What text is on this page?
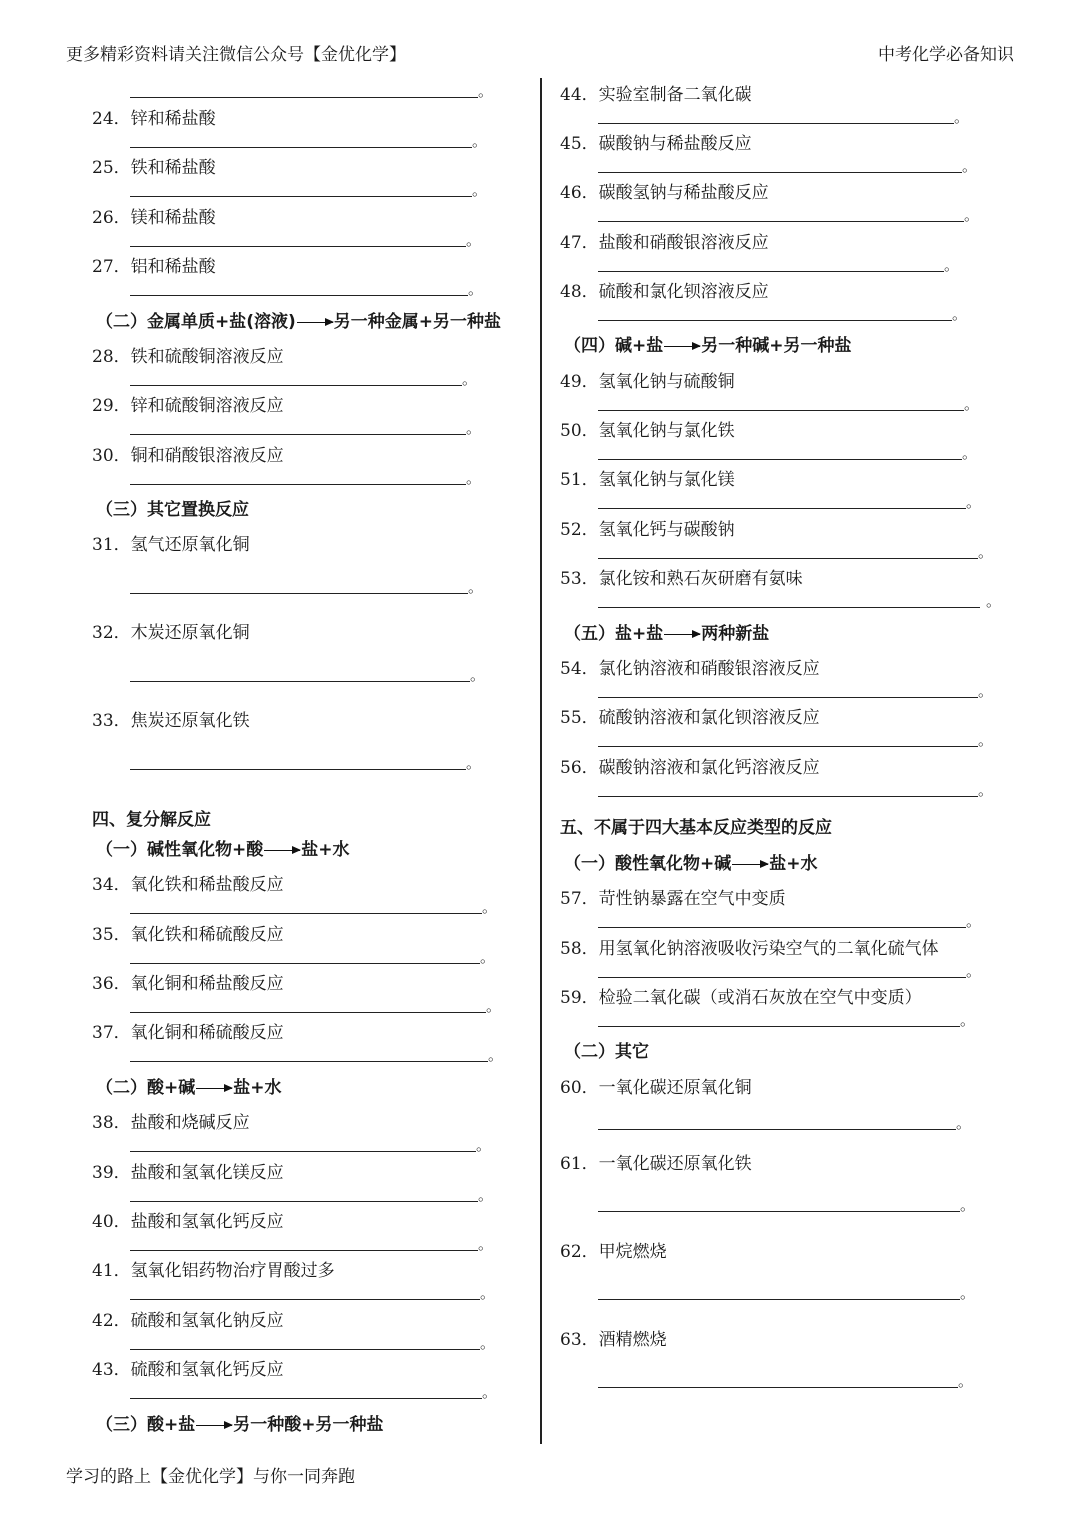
更多精彩资料请关注微信公众号【金优化学】	中考化学必备知识
。
24．锌和稀盐酸
。
25．铁和稀盐酸
。
26．镁和稀盐酸
。
27．铝和稀盐酸
。
（二）金属单质+盐(溶液) 另一种金属+另一种盐
28．铁和硫酸铜溶液反应
。
29．锌和硫酸铜溶液反应
。
30．铜和硝酸银溶液反应
。
（三）其它置换反应
31．氢气还原氧化铜
。
32．木炭还原氧化铜
。
33．焦炭还原氧化铁
。
四、复分解反应
（一）碱性氧化物+酸 盐+水
34．氧化铁和稀盐酸反应
。
35．氧化铁和稀硫酸反应
。
36．氧化铜和稀盐酸反应
。
37．氧化铜和稀硫酸反应
。
（二）酸+碱 盐+水
38．盐酸和烧碱反应
。
39．盐酸和氢氧化镁反应
。
40．盐酸和氢氧化钙反应
。
41．氢氧化铝药物治疗胃酸过多
。
42．硫酸和氢氧化钠反应
。
43．硫酸和氢氧化钙反应
。
（三）酸+盐 另一种酸+另一种盐
44．实验室制备二氧化碳
。
45．碳酸钠与稀盐酸反应
。
46．碳酸氢钠与稀盐酸反应
。
47．盐酸和硝酸银溶液反应
。
48．硫酸和氯化钡溶液反应
。
（四）碱+盐 另一种碱+另一种盐
49．氢氧化钠与硫酸铜
。
50．氢氧化钠与氯化铁
。
51．氢氧化钠与氯化镁
。
52．氢氧化钙与碳酸钠
。
53．氯化铵和熟石灰研磨有氨味
。
（五）盐+盐 两种新盐
54．氯化钠溶液和硝酸银溶液反应
。
55．硫酸钠溶液和氯化钡溶液反应
。
56．碳酸钠溶液和氯化钙溶液反应
。
五、不属于四大基本反应类型的反应
（一）酸性氧化物+碱 盐+水
57．苛性钠暴露在空气中变质
。
58．用氢氧化钠溶液吸收污染空气的二氧化硫气体
。
59．检验二氧化碳（或消石灰放在空气中变质）
。
（二）其它
60．一氧化碳还原氧化铜
。
61．一氧化碳还原氧化铁
。
62．甲烷燃烧
。
63．酒精燃烧
。
学习的路上【金优化学】与你一同奔跑
